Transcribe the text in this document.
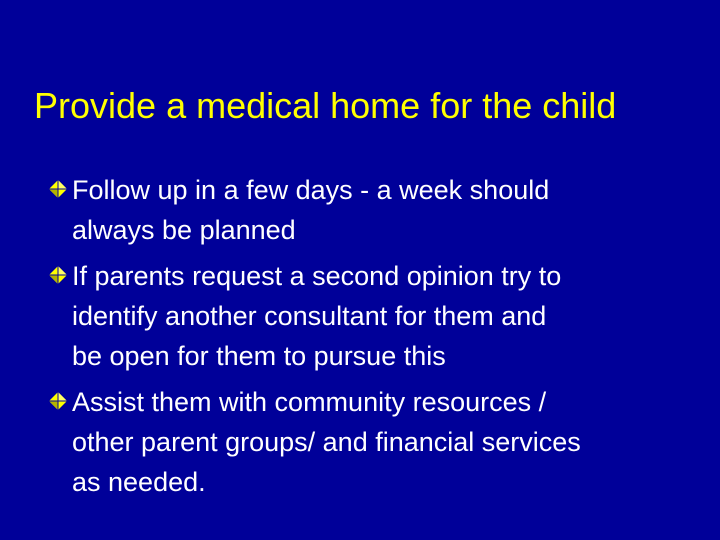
Provide a medical home for the child
Follow up in a few days - a week should
always be planned
If parents request a second opinion try to
identify another consultant for them and
be open for them to pursue this
Assist them with community resources /
other parent groups/ and financial services
as needed.
